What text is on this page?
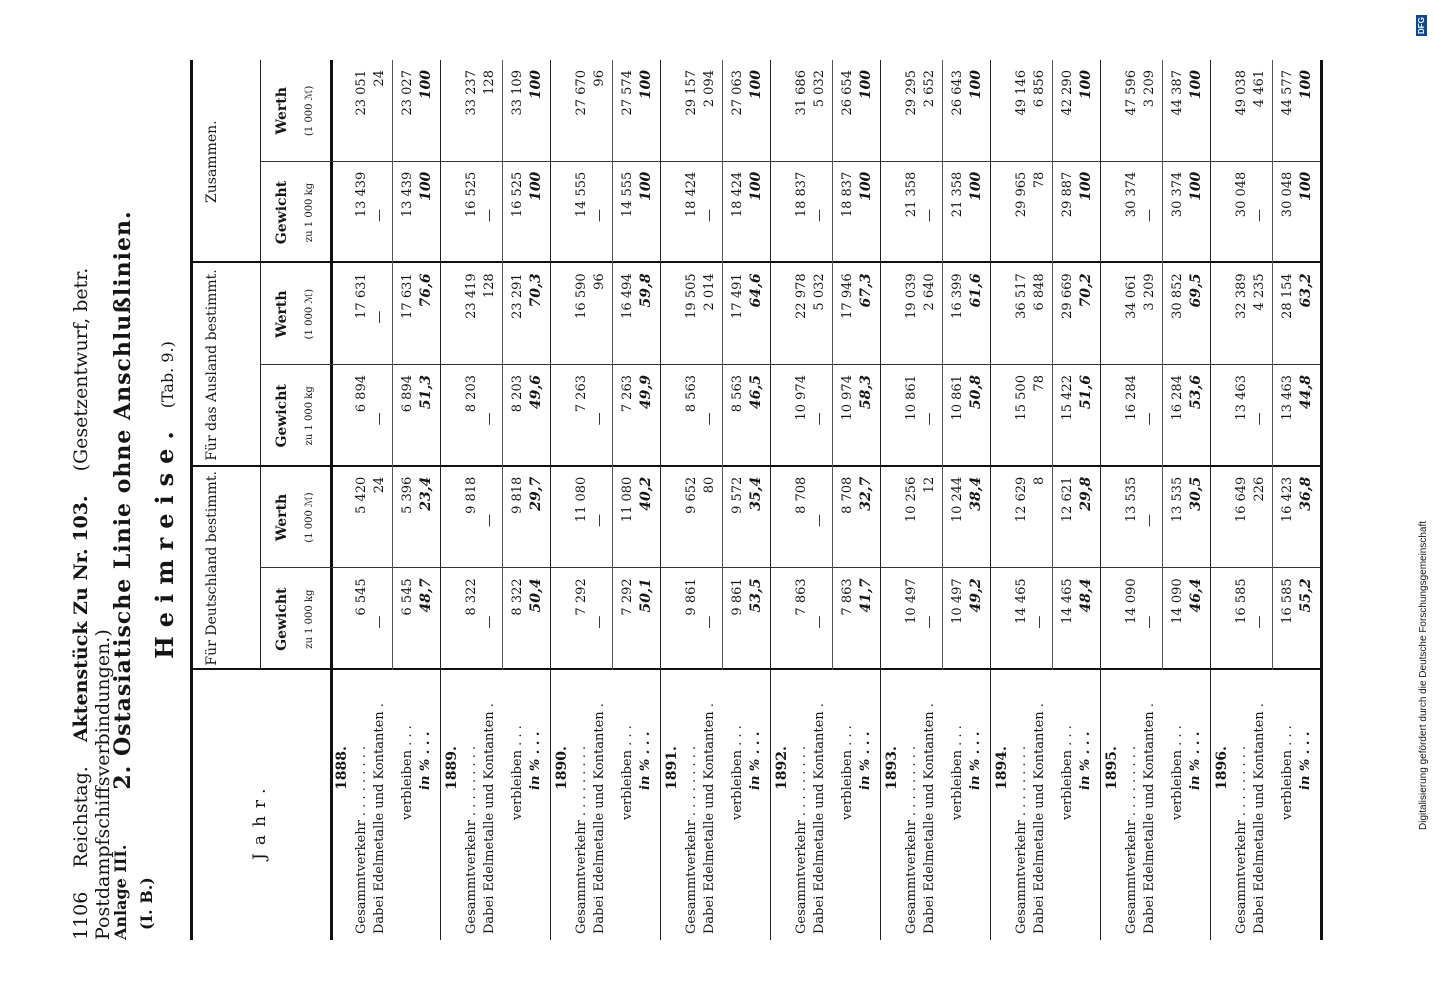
1106 Reichstag. Aktenstück Zu Nr. 103. (Gesetzentwurf, betr. Postdampfschiffsverbindungen.)
Anlage III. (I. B.)
2. Ostasiatische Linie ohne Anschlußlinien. Heimreise.(Tab. 9.)
Jahr.
Für Deutschland bestimmt.
Für das Ausland bestimmt.
Zusammen.
Gewicht zu 1 000 kg
Werth (1 000 ℳ)
Gewicht zu 1 000 kg
Werth (1 000 ℳ)
Gewicht zu 1 000 kg
Werth (1 000 ℳ)
1888. Gesammtverkehr . . . . . . . . .
6 545
5 420
6 894
17 631
13 439
23 051
Dabei Edelmetalle und Kontanten .
—
24
—
—
—
24
verbleiben . . .
6 545
5 396
6 894
17 631
13 439
23 027
in % . . .
48,7
23,4
51,3
76,6
100
100
1889. Gesammtverkehr . . . . . . . . .
8 322
9 818
8 203
23 419
16 525
33 237
Dabei Edelmetalle und Kontanten .
—
—
—
128
—
128
verbleiben . . .
8 322
9 818
8 203
23 291
16 525
33 109
in % . . .
50,4
29,7
49,6
70,3
100
100
1890. Gesammtverkehr . . . . . . . . .
7 292
11 080
7 263
16 590
14 555
27 670
Dabei Edelmetalle und Kontanten .
—
—
—
96
—
96
verbleiben . . .
7 292
11 080
7 263
16 494
14 555
27 574
in % . . .
50,1
40,2
49,9
59,8
100
100
1891. Gesammtverkehr . . . . . . . . .
9 861
9 652
8 563
19 505
18 424
29 157
Dabei Edelmetalle und Kontanten .
—
80
—
2 014
—
2 094
verbleiben . . .
9 861
9 572
8 563
17 491
18 424
27 063
in % . . .
53,5
35,4
46,5
64,6
100
100
1892. Gesammtverkehr . . . . . . . . .
7 863
8 708
10 974
22 978
18 837
31 686
Dabei Edelmetalle und Kontanten .
—
—
—
5 032
—
5 032
verbleiben . . .
7 863
8 708
10 974
17 946
18 837
26 654
in % . . .
41,7
32,7
58,3
67,3
100
100
1893. Gesammtverkehr . . . . . . . . .
10 497
10 256
10 861
19 039
21 358
29 295
Dabei Edelmetalle und Kontanten .
—
12
—
2 640
—
2 652
verbleiben . . .
10 497
10 244
10 861
16 399
21 358
26 643
in % . . .
49,2
38,4
50,8
61,6
100
100
1894. Gesammtverkehr . . . . . . . . .
14 465
12 629
15 500
36 517
29 965
49 146
Dabei Edelmetalle und Kontanten .
—
8
78
6 848
78
6 856
verbleiben . . .
14 465
12 621
15 422
29 669
29 887
42 290
in % . . .
48,4
29,8
51,6
70,2
100
100
1895. Gesammtverkehr . . . . . . . . .
14 090
13 535
16 284
34 061
30 374
47 596
Dabei Edelmetalle und Kontanten .
—
—
—
3 209
—
3 209
verbleiben . . .
14 090
13 535
16 284
30 852
30 374
44 387
in % . . .
46,4
30,5
53,6
69,5
100
100
1896. Gesammtverkehr . . . . . . . . .
16 585
16 649
13 463
32 389
30 048
49 038
Dabei Edelmetalle und Kontanten .
—
226
—
4 235
—
4 461
verbleiben . . .
16 585
16 423
13 463
28 154
30 048
44 577
in % . . .
55,2
36,8
44,8
63,2
100
100
Digitalisierung gefördert durch die Deutsche Forschungsgemeinschaft
DFG
